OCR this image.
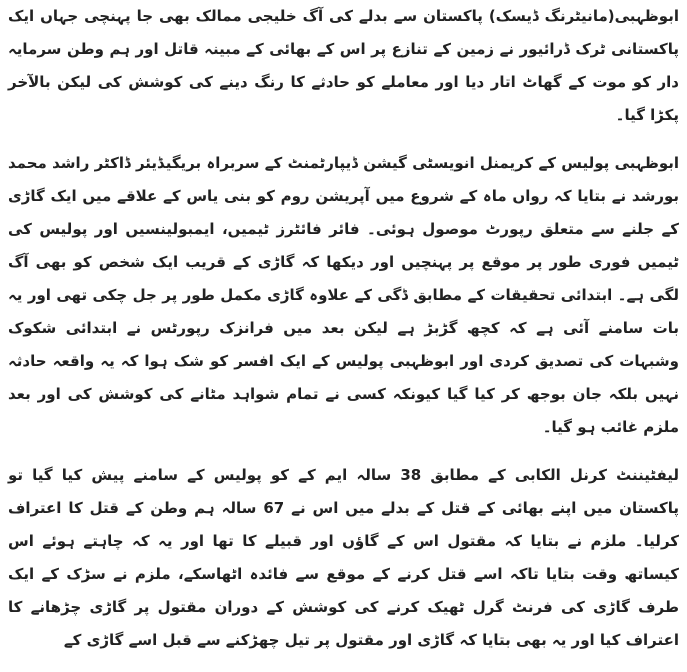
ابوظہبی(مانیٹرنگ ڈیسک) پاکستان سے بدلے کی آگ خلیجی ممالک بھی جا پہنچی جہاں ایک پاکستانی ٹرک ڈرائیور نے زمین کے تنازع پر اس کے بھائی کے مبینہ قاتل اور ہم وطن سرمایہ دار کو موت کے گھاٹ اتار دیا اور معاملے کو حادثے کا رنگ دینے کی کوشش کی لیکن بالآخر پکڑا گیا۔

ابوظہبی پولیس کے کریمنل انویسٹی گیشن ڈیپارٹمنٹ کے سربراہ بریگیڈیئر ڈاکٹر راشد محمد بورشد نے بتایا کہ رواں ماہ کے شروع میں آپریشن روم کو بنی یاس کے علاقے میں ایک گاڑی کے جلنے سے متعلق رپورٹ موصول ہوئی۔ فائر فائٹرز ٹیمیں، ایمبولینسیں اور پولیس کی ٹیمیں فوری طور پر موقع پر پہنچیں اور دیکھا کہ گاڑی کے قریب ایک شخص کو بھی آگ لگی ہے۔ ابتدائی تحقیقات کے مطابق ڈگی کے علاوہ گاڑی مکمل طور پر جل چکی تھی اور یہ بات سامنے آئی ہے کہ کچھ گڑبڑ ہے لیکن بعد میں فرانزک رپورٹس نے ابتدائی شکوک وشبہات کی تصدیق کردی اور ابوظہبی پولیس کے ایک افسر کو شک ہوا کہ یہ واقعہ حادثہ نہیں بلکہ جان بوجھ کر کیا گیا کیونکہ کسی نے تمام شواہد مٹانے کی کوشش کی اور بعد ملزم غائب ہو گیا۔

لیفٹیننٹ کرنل الکابی کے مطابق 38 سالہ ایم کے کو پولیس کے سامنے پیش کیا گیا تو پاکستان میں اپنے بھائی کے قتل کے بدلے میں اس نے 67 سالہ ہم وطن کے قتل کا اعتراف کرلیا۔ ملزم نے بتایا کہ مقتول اس کے گاؤں اور قبیلے کا تھا اور یہ کہ چاہتے ہوئے اس کیساتھ وقت بتایا تاکہ اسے قتل کرنے کے موقع سے فائدہ اٹھاسکے، ملزم نے سڑک کے ایک طرف گاڑی کی فرنٹ گرل ٹھیک کرنے کی کوشش کے دوران مقتول پر گاڑی چڑھانے کا اعتراف کیا اور یہ بھی بتایا کہ گاڑی اور مقتول پر تیل چھڑکنے سے قبل اسے گاڑی کے
